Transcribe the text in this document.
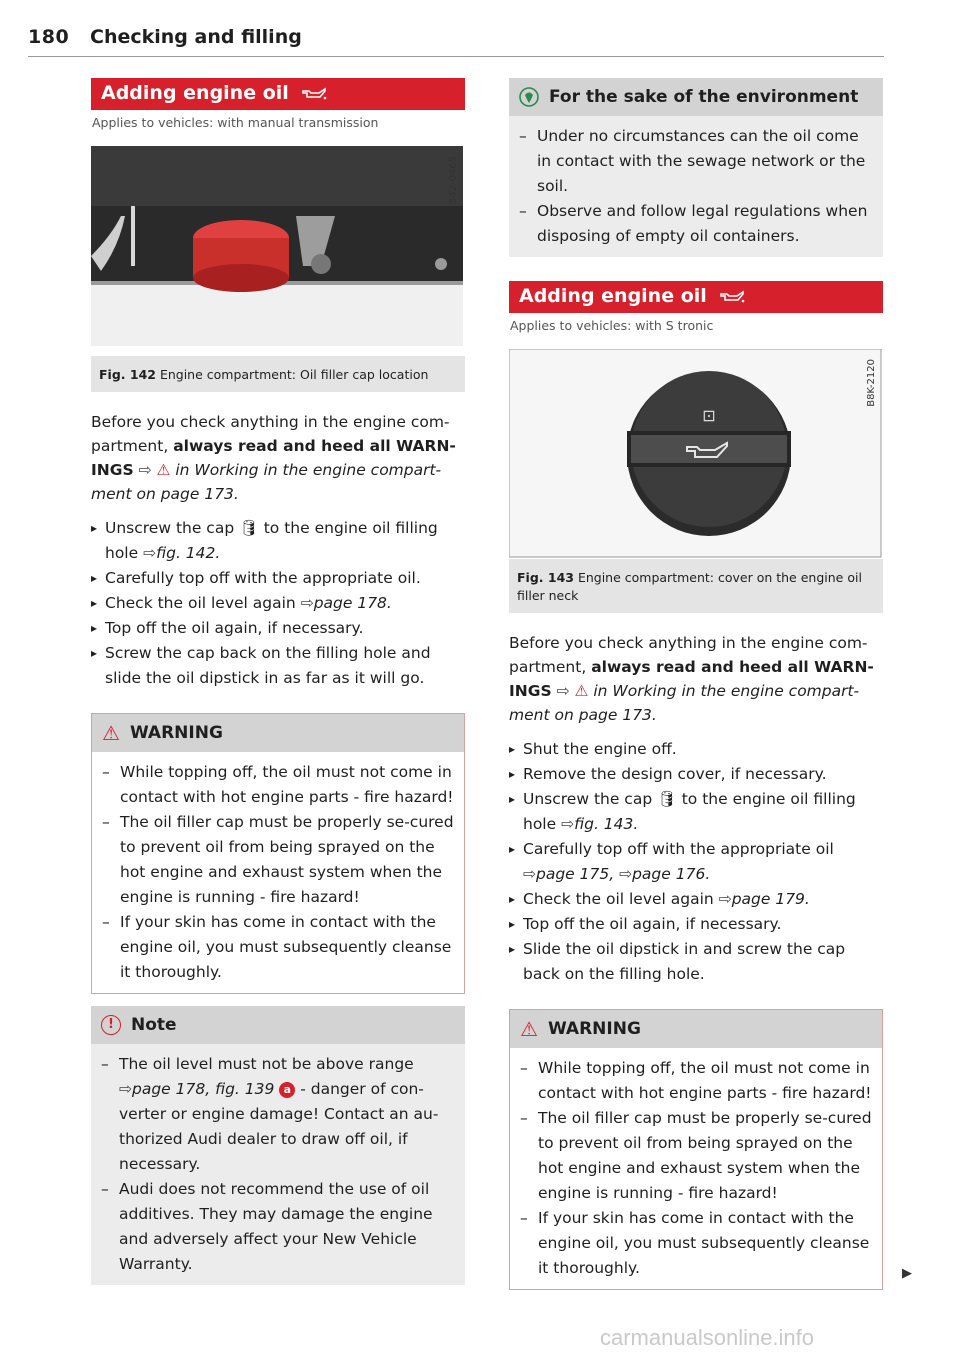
180 Checking and filling
Adding engine oil
Applies to vehicles: with manual transmission
B42-0465
Fig. 142 Engine compartment: Oil filler cap location
Before you check anything in the engine com-partment, always read and heed all WARN-INGS ⇨ ⚠ in Working in the engine compart-ment on page 173.
▸ Unscrew the cap 🛢 to the engine oil filling hole ⇨fig. 142.
▸ Carefully top off with the appropriate oil.
▸ Check the oil level again ⇨page 178.
▸ Top off the oil again, if necessary.
▸ Screw the cap back on the filling hole and slide the oil dipstick in as far as it will go.
⚠ WARNING
– While topping off, the oil must not come in contact with hot engine parts - fire hazard!
– The oil filler cap must be properly se-cured to prevent oil from being sprayed on the hot engine and exhaust system when the engine is running - fire hazard!
– If your skin has come in contact with the engine oil, you must subsequently cleanse it thoroughly.
!	Note
– The oil level must not be above range ⇨page 178, fig. 139 a - danger of con-verter or engine damage! Contact an au-thorized Audi dealer to draw off oil, if necessary.
– Audi does not recommend the use of oil additives. They may damage the engine and adversely affect your New Vehicle Warranty.
For the sake of the environment
– Under no circumstances can the oil come in contact with the sewage network or the soil.
– Observe and follow legal regulations when disposing of empty oil containers.
Adding engine oil
Applies to vehicles: with S tronic
⊡
B8K-2120
Fig. 143 Engine compartment: cover on the engine oil filler neck
Before you check anything in the engine com-partment, always read and heed all WARN-INGS ⇨ ⚠ in Working in the engine compart-ment on page 173.
▸ Shut the engine off.
▸ Remove the design cover, if necessary.
▸ Unscrew the cap 🛢 to the engine oil filling hole ⇨fig. 143.
▸ Carefully top off with the appropriate oil ⇨page 175, ⇨page 176.
▸ Check the oil level again ⇨page 179.
▸ Top off the oil again, if necessary.
▸ Slide the oil dipstick in and screw the cap back on the filling hole.
⚠ WARNING
– While topping off, the oil must not come in contact with hot engine parts - fire hazard!
– The oil filler cap must be properly se-cured to prevent oil from being sprayed on the hot engine and exhaust system when the engine is running - fire hazard!
– If your skin has come in contact with the engine oil, you must subsequently cleanse it thoroughly.	▶
carmanualsonline.info
